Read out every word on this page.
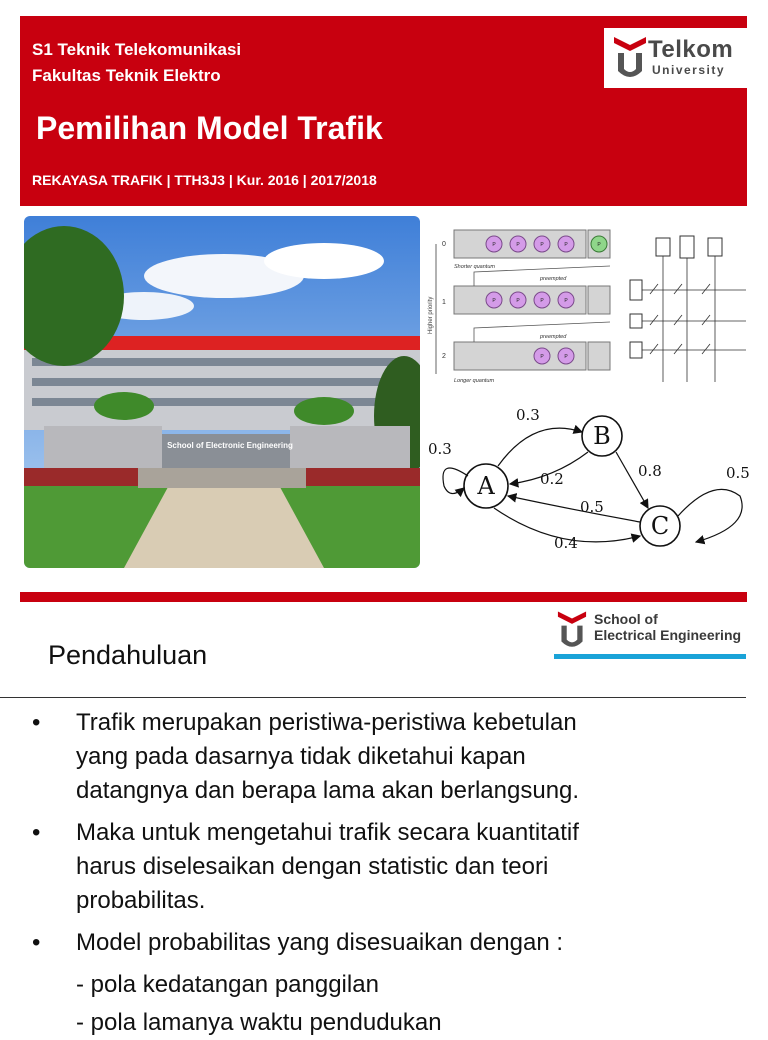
S1 Teknik Telekomunikasi
Fakultas Teknik Elektro
Pemilihan Model Trafik
REKAYASA TRAFIK | TTH3J3 | Kur. 2016 | 2017/2018
Telkom
University
School of Electronic Engineering
Higher priority
0
1
2
P	P	P	P	P
P	P	P	P
P	P
Shorter quantum
preempted
preempted
Longer quantum
A
B
C
0.3
0.3
0.2	0.8	0.5
0.5
0.4
School of
Electrical Engineering
Pendahuluan
• Trafik merupakan peristiwa-peristiwa kebetulan
yang pada dasarnya tidak diketahui kapan
datangnya dan berapa lama akan berlangsung.
• Maka untuk mengetahui trafik secara kuantitatif
harus diselesaikan dengan statistic dan teori
probabilitas.
• Model probabilitas yang disesuaikan dengan :
- pola kedatangan panggilan
- pola lamanya waktu pendudukan
